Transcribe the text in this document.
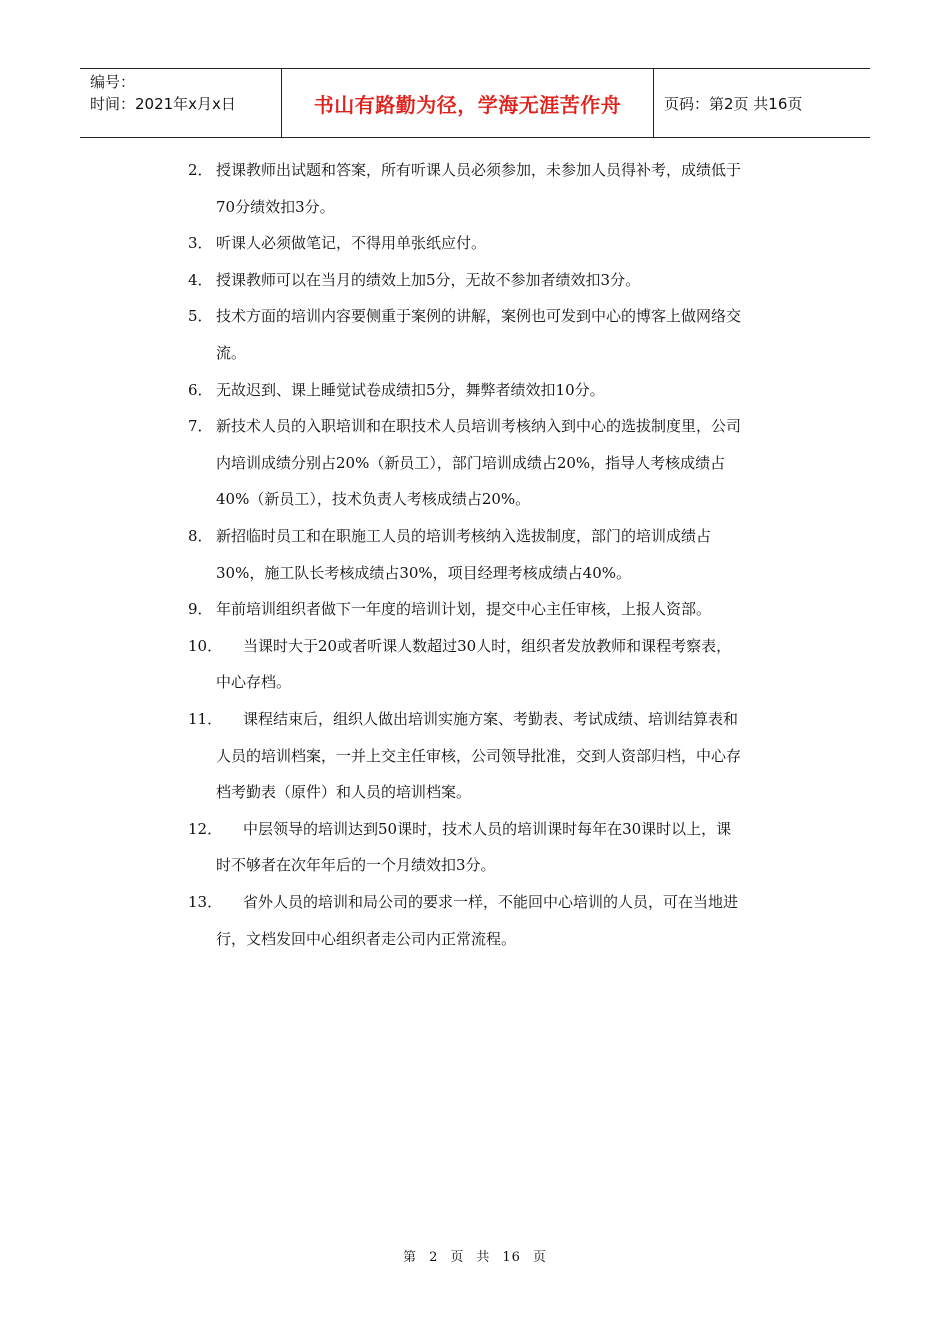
编号：
时间：2021年x月x日	书山有路勤为径，学海无涯苦作舟	页码：第2页 共16页
2． 授课教师出试题和答案，所有听课人员必须参加，未参加人员得补考，成绩低于
70分绩效扣3分。
3． 听课人必须做笔记，不得用单张纸应付。
4． 授课教师可以在当月的绩效上加5分，无故不参加者绩效扣3分。
5． 技术方面的培训内容要侧重于案例的讲解，案例也可发到中心的博客上做网络交
流。
6． 无故迟到、课上睡觉试卷成绩扣5分，舞弊者绩效扣10分。
7． 新技术人员的入职培训和在职技术人员培训考核纳入到中心的选拔制度里，公司
内培训成绩分别占20%（新员工），部门培训成绩占20%，指导人考核成绩占
40%（新员工），技术负责人考核成绩占20%。
8． 新招临时员工和在职施工人员的培训考核纳入选拔制度，部门的培训成绩占
30%，施工队长考核成绩占30%，项目经理考核成绩占40%。
9． 年前培训组织者做下一年度的培训计划，提交中心主任审核，上报人资部。
10． 当课时大于20或者听课人数超过30人时，组织者发放教师和课程考察表，
中心存档。
11． 课程结束后，组织人做出培训实施方案、考勤表、考试成绩、培训结算表和
人员的培训档案，一并上交主任审核，公司领导批准，交到人资部归档，中心存
档考勤表（原件）和人员的培训档案。
12． 中层领导的培训达到50课时，技术人员的培训课时每年在30课时以上，课
时不够者在次年年后的一个月绩效扣3分。
13． 省外人员的培训和局公司的要求一样，不能回中心培训的人员，可在当地进
行，文档发回中心组织者走公司内正常流程。
第 2 页 共 16 页
